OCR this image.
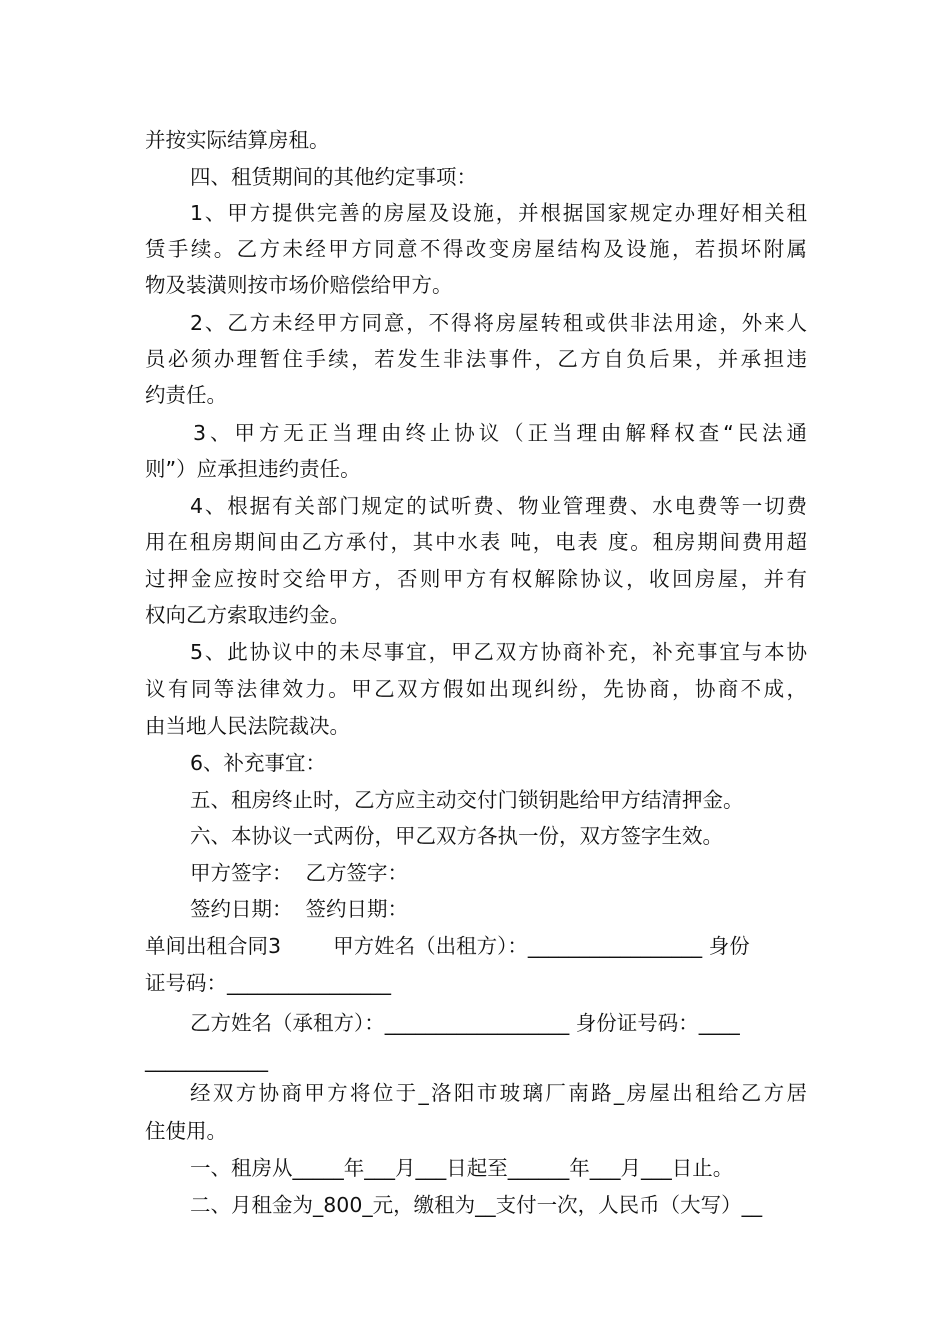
并按实际结算房租。
四、租赁期间的其他约定事项：
1、甲方提供完善的房屋及设施，并根据国家规定办理好相关租
赁手续。乙方未经甲方同意不得改变房屋结构及设施，若损坏附属
物及装潢则按市场价赔偿给甲方。
2、乙方未经甲方同意，不得将房屋转租或供非法用途，外来人
员必须办理暂住手续，若发生非法事件，乙方自负后果，并承担违
约责任。
3、甲方无正当理由终止协议（正当理由解释权查“民法通
则”）应承担违约责任。
4、根据有关部门规定的试听费、物业管理费、水电费等一切费
用在租房期间由乙方承付，其中水表 吨，电表 度。租房期间费用超
过押金应按时交给甲方，否则甲方有权解除协议，收回房屋，并有
权向乙方索取违约金。
5、此协议中的未尽事宜，甲乙双方协商补充，补充事宜与本协
议有同等法律效力。甲乙双方假如出现纠纷，先协商，协商不成，
由当地人民法院裁决。
6、补充事宜：
五、租房终止时，乙方应主动交付门锁钥匙给甲方结清押金。
六、本协议一式两份，甲乙双方各执一份，双方签字生效。
甲方签字：  乙方签字：
签约日期：  签约日期：
单间出租合同3        甲方姓名（出租方）：_________________ 身份
证号码：________________
乙方姓名（承租方）：__________________ 身份证号码：____
____________
经双方协商甲方将位于_洛阳市玻璃厂南路_房屋出租给乙方居
住使用。
一、租房从_____年___月___日起至______年___月___日止。
二、月租金为_800_元，缴租为__支付一次，人民币（大写）__
